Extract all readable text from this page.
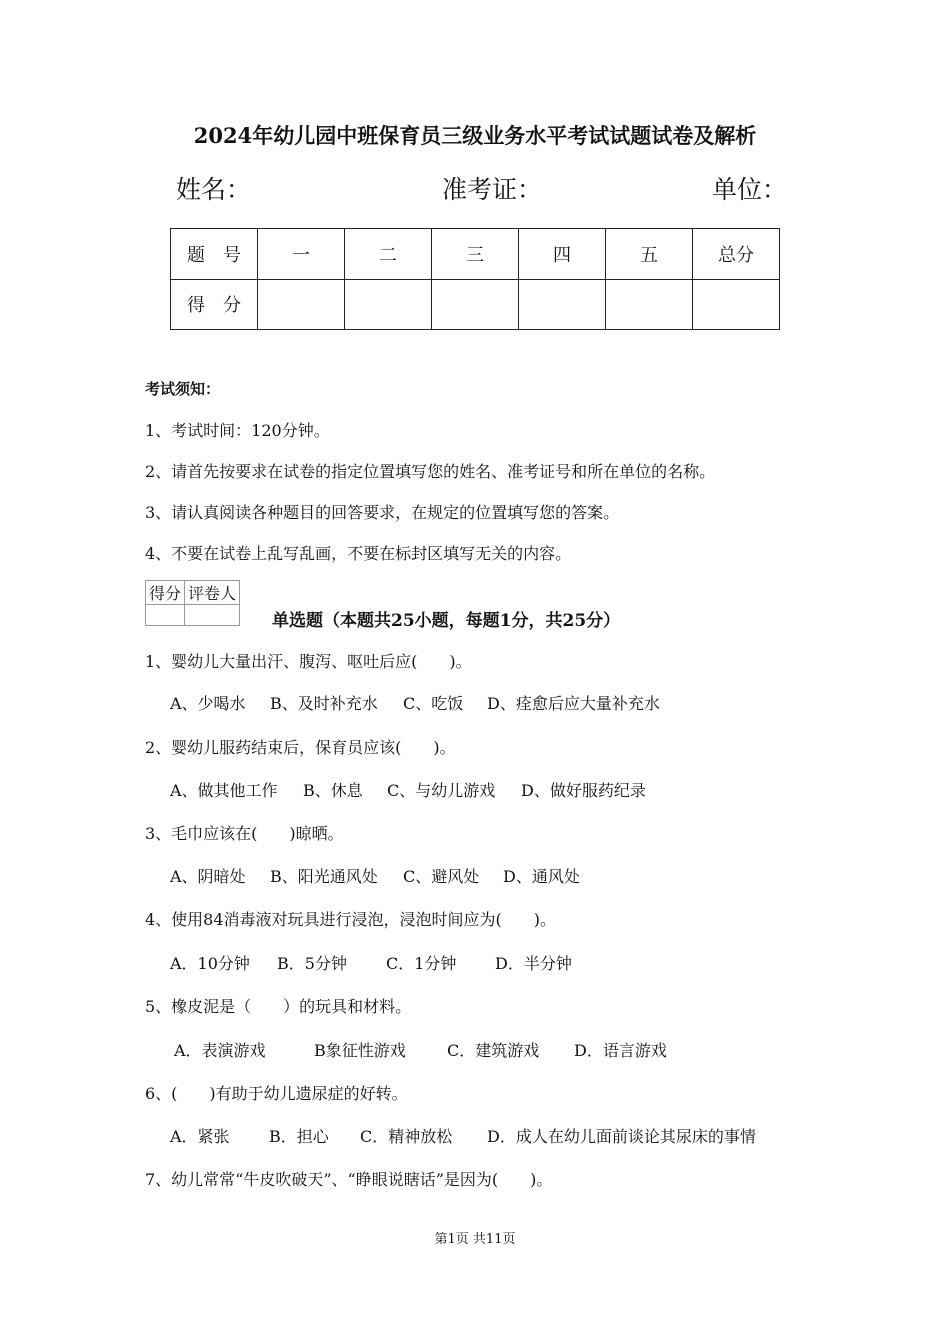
2024年幼儿园中班保育员三级业务水平考试试题试卷及解析
姓名：	准考证：	单位：
题　号	一	二	三	四	五	总分
得　分						
考试须知：
1、考试时间：120分钟。
2、请首先按要求在试卷的指定位置填写您的姓名、准考证号和所在单位的名称。
3、请认真阅读各种题目的回答要求，在规定的位置填写您的答案。
4、不要在试卷上乱写乱画，不要在标封区填写无关的内容。
得分	评卷人

单选题（本题共25小题，每题1分，共25分）
1、婴幼儿大量出汗、腹泻、呕吐后应(　　)。
A、少喝水 B、及时补充水 C、吃饭 D、痊愈后应大量补充水
2、婴幼儿服药结束后，保育员应该(　　)。
A、做其他工作 B、休息 C、与幼儿游戏 D、做好服药纪录
3、毛巾应该在(　　)晾晒。
A、阴暗处 B、阳光通风处 C、避风处 D、通风处
4、使用84消毒液对玩具进行浸泡，浸泡时间应为(　　)。
A．10分钟 B．5分钟 C．1分钟 D．半分钟
5、橡皮泥是（　　）的玩具和材料。
A．表演游戏	B象征性游戏	C．建筑游戏 D．语言游戏
6、(　　)有助于幼儿遗尿症的好转。
A．紧张 B．担心 C．精神放松 D．成人在幼儿面前谈论其尿床的事情
7、幼儿常常“牛皮吹破天”、“睁眼说瞎话”是因为(　　)。
第1页 共11页
